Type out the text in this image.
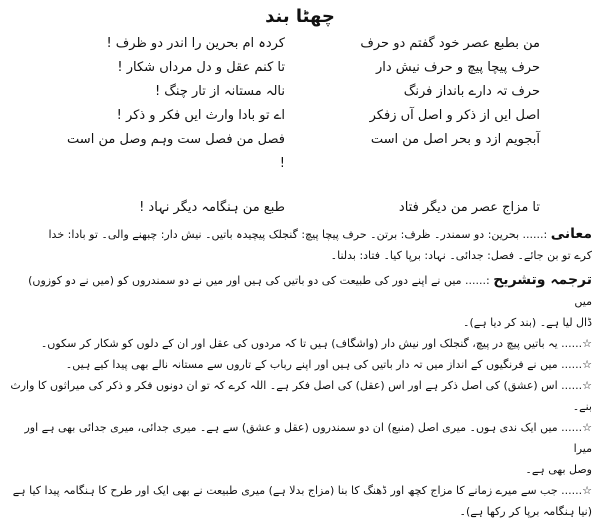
چھٹا بند
من بطبع عصر خود گفتم دو حرف
کردہ ام بحرین را اندر دو ظرف !
حرف پیچا پیچ و حرف نیش دار
تا کنم عقل و دل مرداں شکار !
حرف تہ دارے بانداز فرنگ
نالہ مستانہ از تار چنگ !
اصل ایں از ذکر و اصل آں زفکر
اے تو بادا وارث ایں فکر و ذکر !
آبجویم ازد و بحر اصل من است
فصل من فصل ست وہم وصل من است !
تا مزاج عصر من دیگر فتاد
طبع من ہنگامہ دیگر نہاد !
معانی :...... بحرین: دو سمندر۔ ظرف: برتن۔ حرف پیچا پیچ: گنجلک پیچیدہ باتیں۔ نیش دار: چبھنے والی۔ تو بادا: خدا
کرے تو بن جائے۔ فصل: جدائی۔ نہاد: برپا کیا۔ فتاد: بدلنا۔
ترجمہ وتشریح :...... میں نے اپنے دور کی طبیعت کی دو باتیں کی ہیں اور میں نے دو سمندروں کو (میں نے دو کوزوں) میں
ڈال لیا ہے۔ (بند کر دیا ہے)۔
☆...... یہ باتیں پیچ در پیچ، گنجلک اور نیش دار (واشگاف) ہیں تا کہ مردوں کی عقل اور ان کے دلوں کو شکار کر سکوں۔
☆...... میں نے فرنگیوں کے انداز میں تہ دار باتیں کی ہیں اور اپنے رباب کے تاروں سے مستانہ نالے بھی پیدا کیے ہیں۔
☆...... اس (عشق) کی اصل ذکر ہے اور اس (عقل) کی اصل فکر ہے۔ اللہ کرے کہ تو ان دونوں فکر و ذکر کی میراثوں کا وارث بنے۔
☆...... میں ایک ندی ہوں۔ میری اصل (منبع) ان دو سمندروں (عقل و عشق) سے ہے۔ میری جدائی، میری جدائی بھی ہے اور میرا
وصل بھی ہے۔
☆...... جب سے میرے زمانے کا مزاج کچھ اور ڈھنگ کا بنا (مزاج بدلا ہے) میری طبیعت نے بھی ایک اور طرح کا ہنگامہ پیدا کیا ہے
(نیا ہنگامہ برپا کر رکھا ہے)۔
